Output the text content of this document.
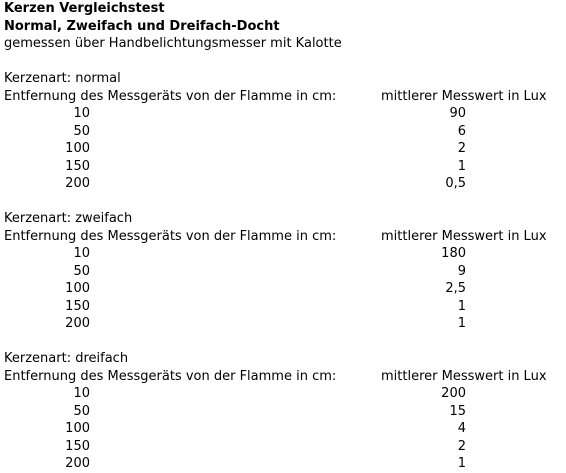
Kerzen Vergleichstest
Normal, Zweifach und Dreifach-Docht
gemessen über Handbelichtungsmesser mit Kalotte
Kerzenart: normal
Entfernung des Messgeräts von der Flamme in cm:	mittlerer Messwert in Lux
10	90
50	6
100	2
150	1
200	0,5
Kerzenart: zweifach
Entfernung des Messgeräts von der Flamme in cm:	mittlerer Messwert in Lux
10	180
50	9
100	2,5
150	1
200	1
Kerzenart: dreifach
Entfernung des Messgeräts von der Flamme in cm:	mittlerer Messwert in Lux
10	200
50	15
100	4
150	2
200	1
